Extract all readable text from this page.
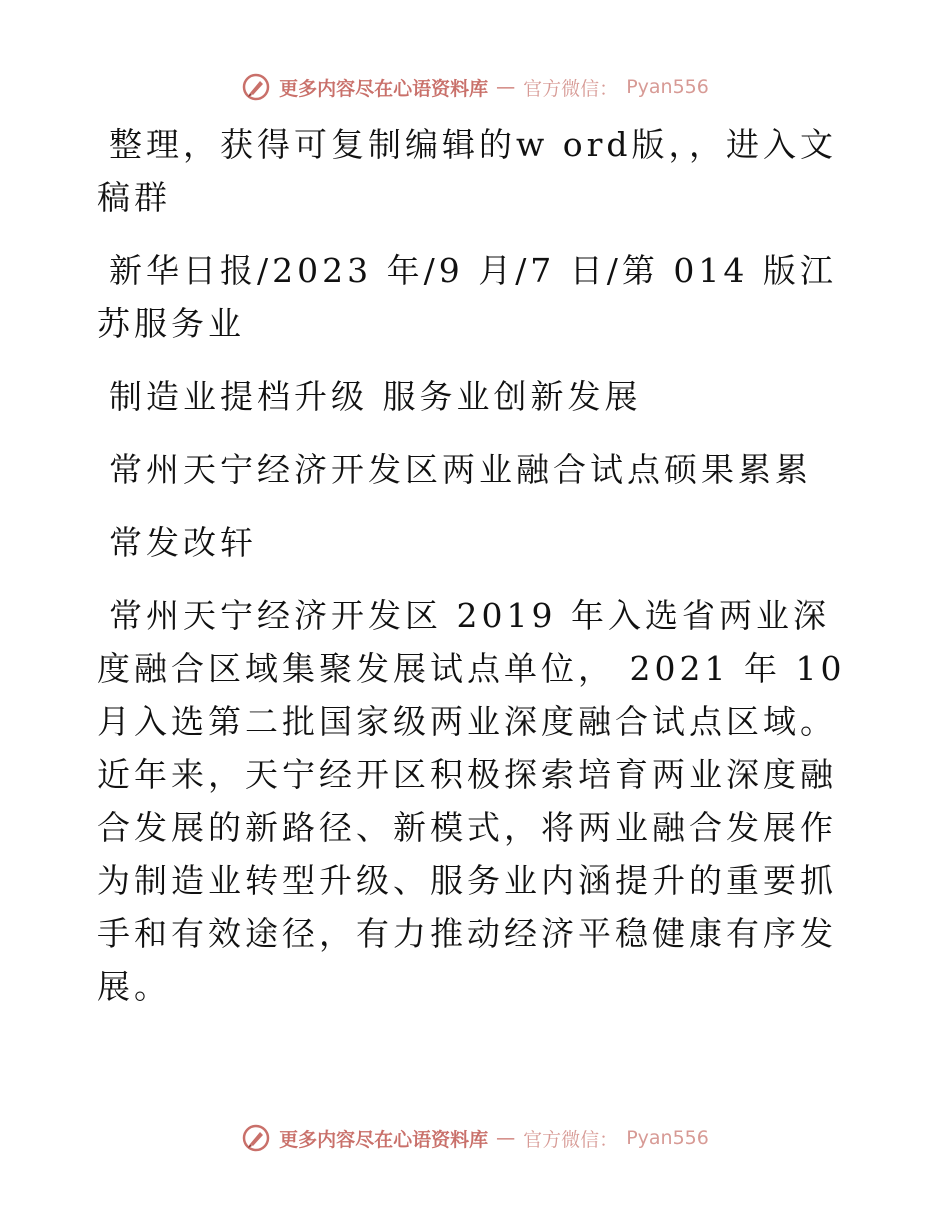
更多内容尽在心语资料库 — 官方微信： Pyan556

整理，获得可复制编辑的w ord版，，进入文稿群

新华日报/2023 年/9 月/7 日/第 014 版江苏服务业

制造业提档升级 服务业创新发展

常州天宁经济开发区两业融合试点硕果累累

常发改轩

常州天宁经济开发区 2019 年入选省两业深度融合区域集聚发展试点单位， 2021 年 10 月入选第二批国家级两业深度融合试点区域。近年来，天宁经开区积极探索培育两业深度融合发展的新路径、新模式，将两业融合发展作为制造业转型升级、服务业内涵提升的重要抓手和有效途径，有力推动经济平稳健康有序发展。

更多内容尽在心语资料库 — 官方微信： Pyan556
